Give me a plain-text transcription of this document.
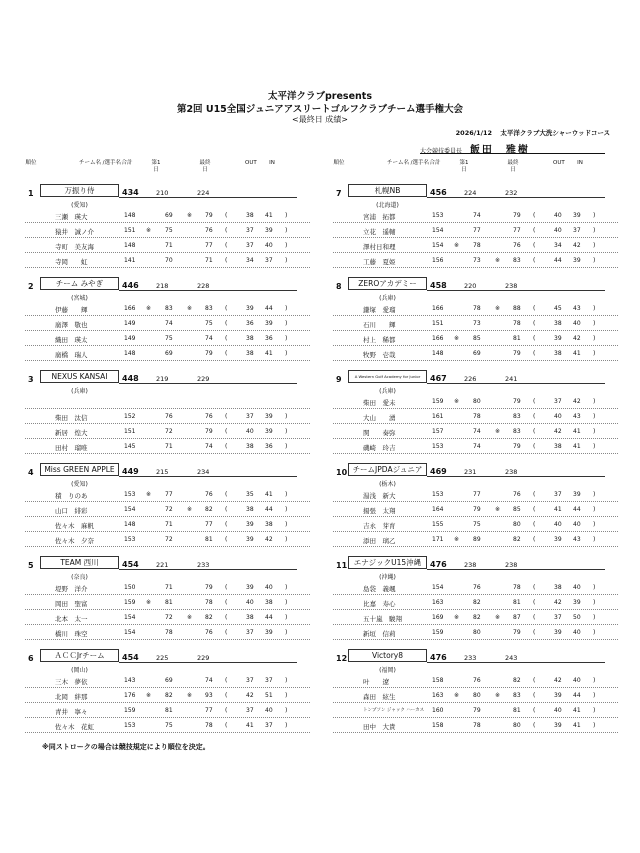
太平洋クラブpresents
第2回 U15全国ジュニアアスリートゴルフクラブチーム選手権大会
<最終日 成績>
2026/1/12 太平洋クラブ大洗シャーウッドコース
大会競技委員長 飯田　雅樹
順位	チーム名 /選手名 合計	第1日
最終日
OUT	IN
1	万振り侍
(愛知)
434	210	224
三瀬　瑛大	148	69 ※ 79 (	38 41 )
猿井　誠ノ介	151 ※ 75	76 (	37 39 )
寺町　美友海	148	71	77 (	37 40 )
寺岡　　虹	141	70	71 (	34 37 )
2	チーム みやぎ
(宮城)
446	218	228
伊藤　　輝	166 ※ 83 ※ 83 (	39 44 )
廣澤　敬也	149	74	75 (	36 39 )
織田　瑛太	149	75	74 (	38 36 )
廣橋　瑞人	148	69	79 (	38 41 )
3	NEXUS KANSAI
(兵庫)
448	219	229
柴田　汰信	152	76	76 (	37 39 )
新居　煌大	151	72	79 (	40 39 )
田村　瑠唯	145	71	74 (	38 36 )
4	Miss GREEN APPLE
(愛知)
449	215	234
積　りのあ	153 ※ 77	76 (	35 41 )
山口　緋彩	154	72 ※ 82 (	38 44 )
佐々木　麻帆	148	71	77 (	39 38 )
佐々木　夕奈	153	72	81 (	39 42 )
5	TEAM 西川
(奈良)
454	221	233
堤野　洋介	150	71	79 (	39 40 )
岡田　聖富	159 ※ 81	78 (	40 38 )
北本　太一	154	72 ※ 82 (	38 44 )
橋川　珠空	154	78	76 (	37 39 )
6	ＡＣＣJrチーム
(岡山)
454	225	229
三木　夢依	143	69	74 (	37 37 )
北岡　絆那	176 ※ 82 ※ 93 (	42 51 )
青井　寧々	159	81	77 (	37 40 )
佐々木　花虹	153	75	78 (	41 37 )
順位	チーム名 /選手名 合計	第1日
最終日
OUT	IN
7	札幌NB
(北海道)
456	224	232
宮浦　拓都	153	74	79 (	40 39 )
立花　遥輔	154	77	77 (	40 37 )
澤村日和理	154 ※ 78	76 (	34 42 )
工藤　夏姫	156	73 ※ 83 (	44 39 )
8	ZEROアカデミー
(兵庫)
458	220	238
鎌塚　愛瑠	166	78 ※ 88 (	45 43 )
石川　　輝	151	73	78 (	38 40 )
村上　稀都	166 ※ 85	81 (	39 42 )
牧野　壱哉	148	69	79 (	38 41 )
9	A Western Golf Academy for Junior
(兵庫)
467	226	241
柴田　愛未	159 ※ 80	79 (	37 42 )
大山　　湧	161	78	83 (	40 43 )
関　　奏弥	157	74 ※ 83 (	42 41 )
磯崎　玲吉	153	74	79 (	38 41 )
10 チームJPDAジュニア
(栃木)
469	231	238
湯浅　新大	153	77	76 (	37 39 )
揚張　太翔	164	79 ※ 85 (	41 44 )
吉永　芽育	155	75	80 (	40 40 )
添田　璃乙	171 ※ 89	82 (	39 43 )
11 エナジックU15沖縄
(沖縄)
476	238	238
島袋　義颯	154	76	78 (	38 40 )
比嘉　寿心	163	82	81 (	42 39 )
五十嵐　駿翔	169 ※ 82 ※ 87 (	37 50 )
新垣　信莉	159	80	79 (	39 40 )
12	Victory8
(福岡)
476	233	243
叶　　遼	158	76	82 (	42 40 )
森田　絃生	163 ※ 80 ※ 83 (	39 44 )
トンプソン ジャック ハーカス 160	79	81 (	40 41 )
田中　大貴	158	78	80 (	39 41 )
※同ストロークの場合は競技規定により順位を決定。
